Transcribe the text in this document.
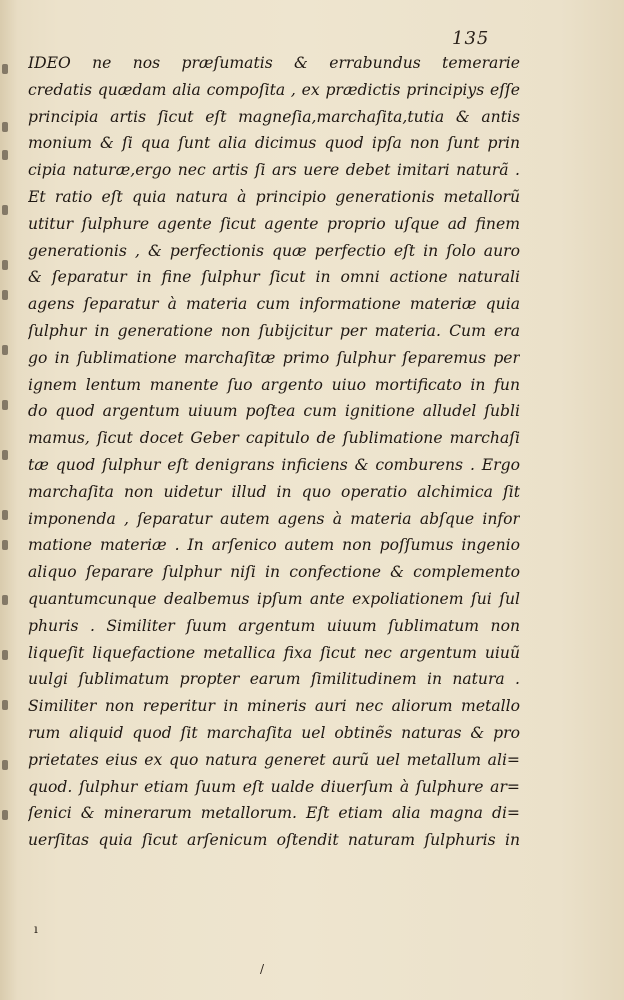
135
IDEO ne nos præſumatis & errabundus temerarie
credatis quædam alia compoſita , ex prædictis principiys eſſe
principia artis ſicut eſt magneſia,marchaſita,tutia & antis
monium & ſi qua ſunt alia dicimus quod ipſa non ſunt prin
cipia naturæ,ergo nec artis ſi ars uere debet imitari naturã .
Et ratio eſt quia natura à principio generationis metallorũ
utitur ſulphure agente ſicut agente proprio uſque ad finem
generationis , & perfectionis quæ perfectio eſt in ſolo auro
& ſeparatur in fine ſulphur ſicut in omni actione naturali
agens ſeparatur à materia cum informatione materiæ quia
ſulphur in generatione non ſubijcitur per materia. Cum era
go in ſublimatione marchaſitæ primo ſulphur ſeparemus per
ignem lentum manente ſuo argento uiuo mortificato in fun
do quod argentum uiuum poſtea cum ignitione alludel ſubli
mamus, ſicut docet Geber capitulo de ſublimatione marchaſi
tæ quod ſulphur eſt denigrans inficiens & comburens . Ergo
marchaſita non uidetur illud in quo operatio alchimica ſit
imponenda , ſeparatur autem agens à materia abſque infor
matione materiæ . In arſenico autem non poſſumus ingenio
aliquo ſeparare ſulphur niſi in confectione & complemento
quantumcunque dealbemus ipſum ante expoliationem ſui ſul
phuris . Similiter ſuum argentum uiuum ſublimatum non
liqueſit liquefactione metallica fixa ſicut nec argentum uiuũ
uulgi ſublimatum propter earum ſimilitudinem in natura .
Similiter non reperitur in mineris auri nec aliorum metallo
rum aliquid quod ſit marchaſita uel obtinẽs naturas & pro
prietates eius ex quo natura generet aurũ uel metallum ali=
quod. ſulphur etiam ſuum eſt ualde diuerſum à ſulphure ar=
ſenici & minerarum metallorum. Eſt etiam alia magna di=
uerſitas quia ſicut arſenicum oſtendit naturam ſulphuris in
ı
/
